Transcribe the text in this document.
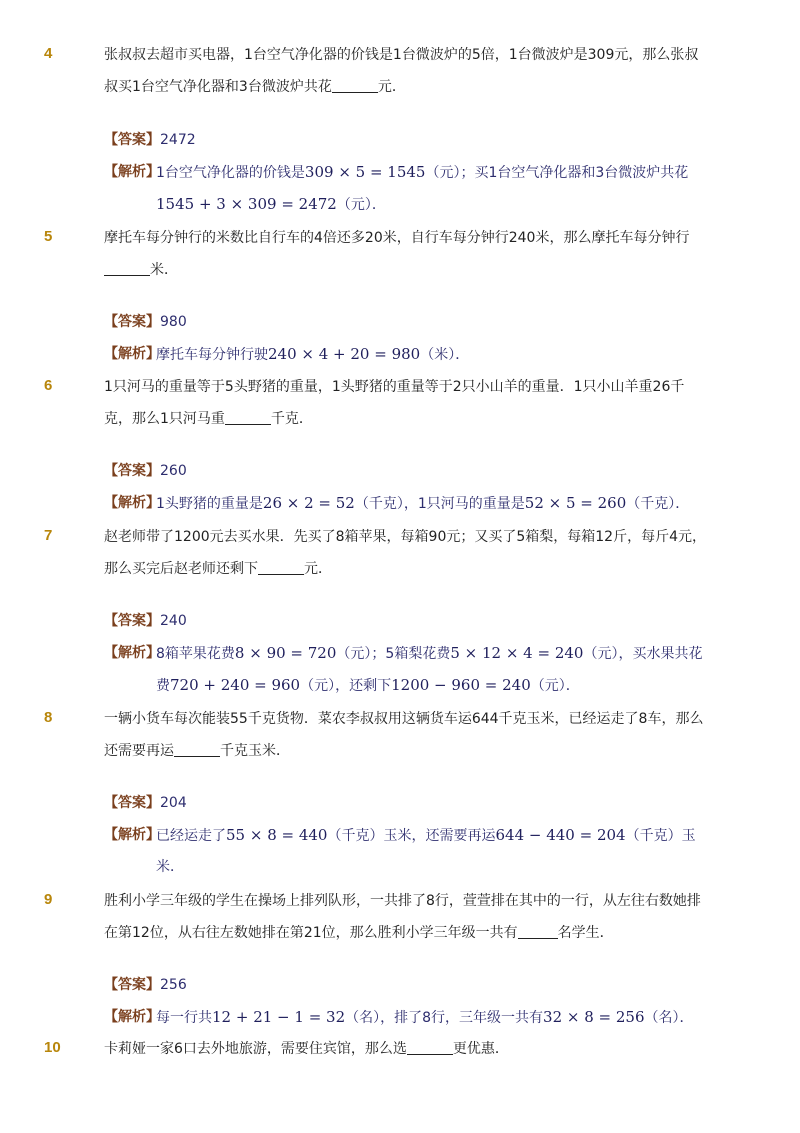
4	张叔叔去超市买电器，1台空气净化器的价钱是1台微波炉的5倍，1台微波炉是309元，那么张叔
叔买1台空气净化器和3台微波炉共花	元．
【答案】2472
【解析】
1台空气净化器的价钱是309 × 5 = 1545（元）；买1台空气净化器和3台微波炉共花
1545 + 3 × 309 = 2472（元）．
5	摩托车每分钟行的米数比自行车的4倍还多20米，自行车每分钟行240米，那么摩托车每分钟行
米．
【答案】980
【解析】
摩托车每分钟行驶240 × 4 + 20 = 980（米）．
6	1只河马的重量等于5头野猪的重量，1头野猪的重量等于2只小山羊的重量．1只小山羊重26千
克，那么1只河马重	千克．
【答案】260
【解析】
1头野猪的重量是26 × 2 = 52（千克），1只河马的重量是52 × 5 = 260（千克）．
7	赵老师带了1200元去买水果．先买了8箱苹果，每箱90元；又买了5箱梨，每箱12斤，每斤4元，
那么买完后赵老师还剩下	元．
【答案】240
【解析】
8箱苹果花费8 × 90 = 720（元）；5箱梨花费5 × 12 × 4 = 240（元），买水果共花
费720 + 240 = 960（元），还剩下1200 − 960 = 240（元）．
8	一辆小货车每次能装55千克货物．菜农李叔叔用这辆货车运644千克玉米，已经运走了8车，那么
还需要再运	千克玉米．
【答案】204
【解析】
已经运走了55 × 8 = 440（千克）玉米，还需要再运644 − 440 = 204（千克）玉
米．
9	胜利小学三年级的学生在操场上排列队形，一共排了8行，萱萱排在其中的一行，从左往右数她排
在第12位，从右往左数她排在第21位，那么胜利小学三年级一共有	名学生．
【答案】256
【解析】
每一行共12 + 21 − 1 = 32（名），排了8行，三年级一共有32 × 8 = 256（名）．
10	卡莉娅一家6口去外地旅游，需要住宾馆，那么选	更优惠．
